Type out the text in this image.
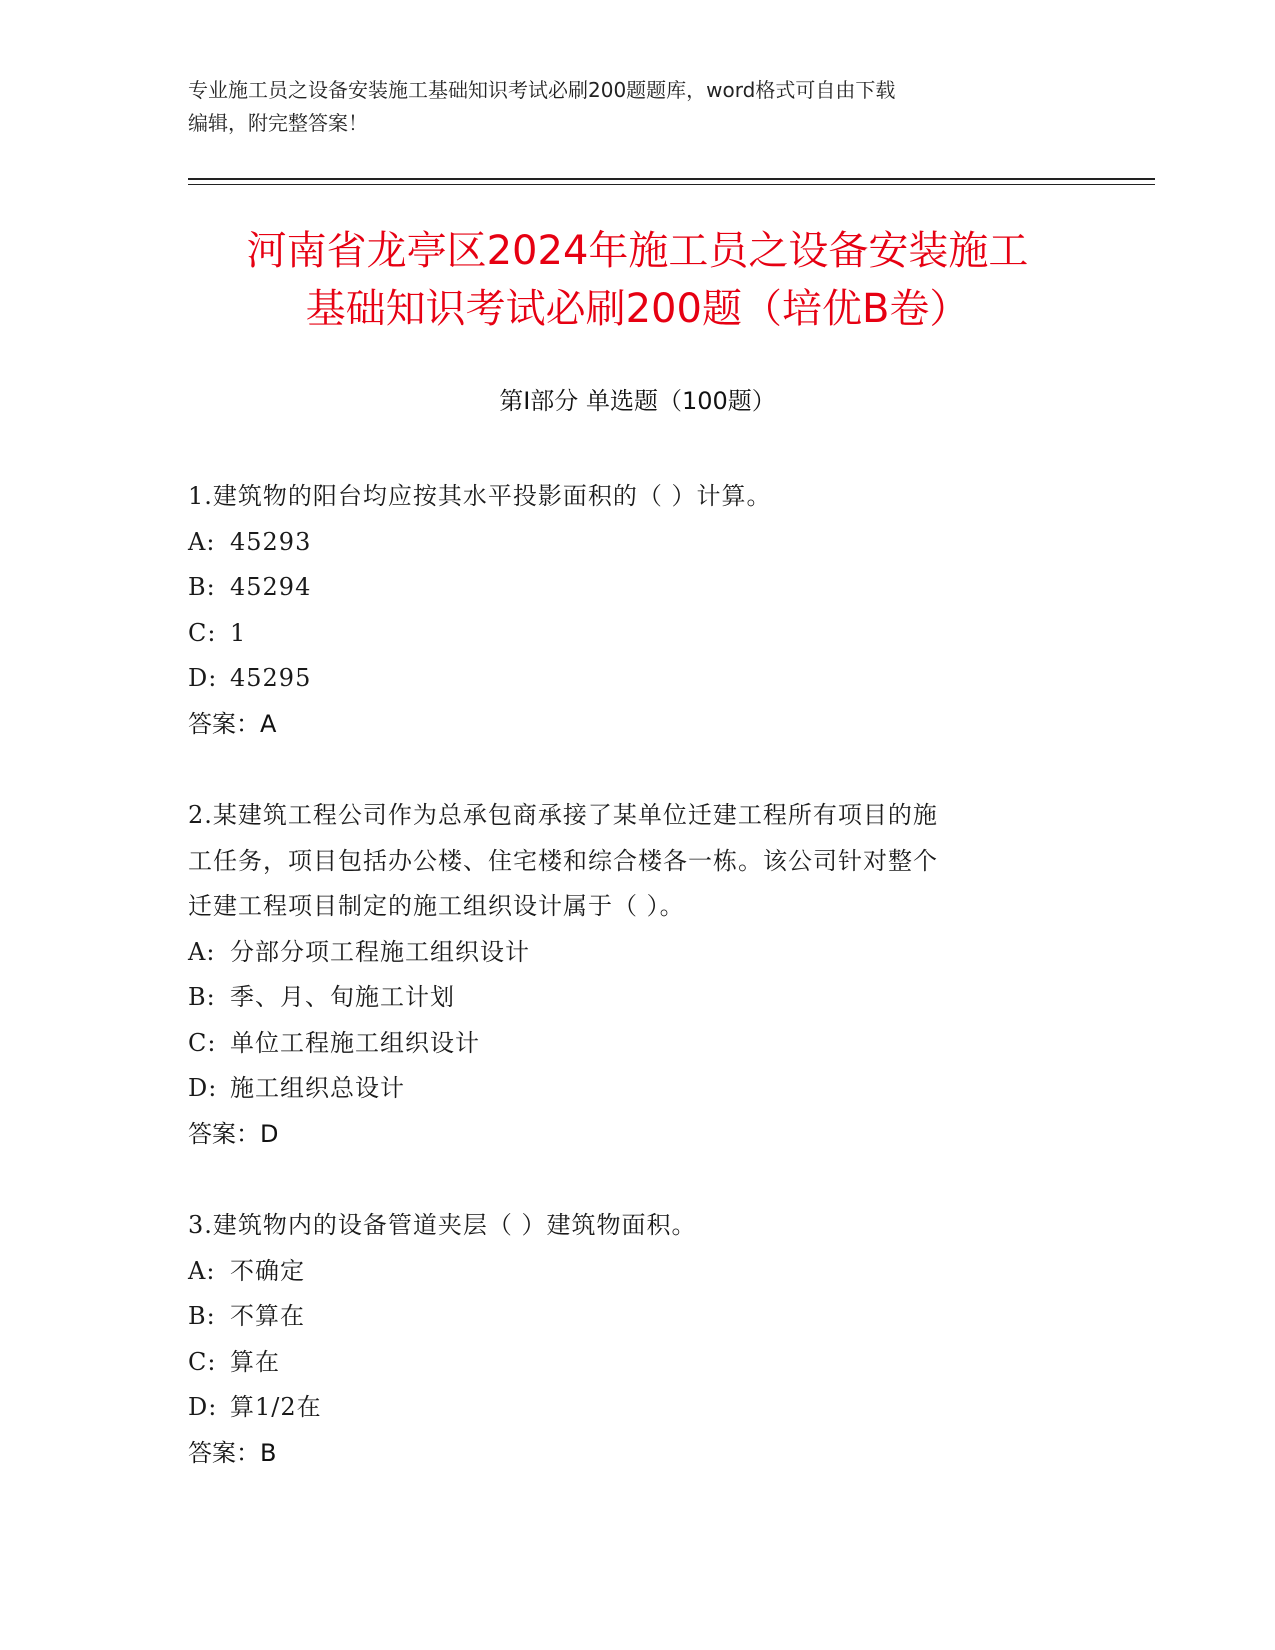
专业施工员之设备安装施工基础知识考试必刷200题题库，word格式可自由下载
编辑，附完整答案！
河南省龙亭区2024年施工员之设备安装施工
基础知识考试必刷200题（培优B卷）
第Ⅰ部分 单选题（100题）
1.建筑物的阳台均应按其水平投影面积的（ ）计算。
A: 45293
B: 45294
C: 1
D: 45295
答案：A
2.某建筑工程公司作为总承包商承接了某单位迁建工程所有项目的施
工任务，项目包括办公楼、住宅楼和综合楼各一栋。该公司针对整个
迁建工程项目制定的施工组织设计属于（ ）。
A: 分部分项工程施工组织设计
B: 季、月、旬施工计划
C: 单位工程施工组织设计
D: 施工组织总设计
答案：D
3.建筑物内的设备管道夹层（ ）建筑物面积。
A: 不确定
B: 不算在
C: 算在
D: 算1/2在
答案：B
